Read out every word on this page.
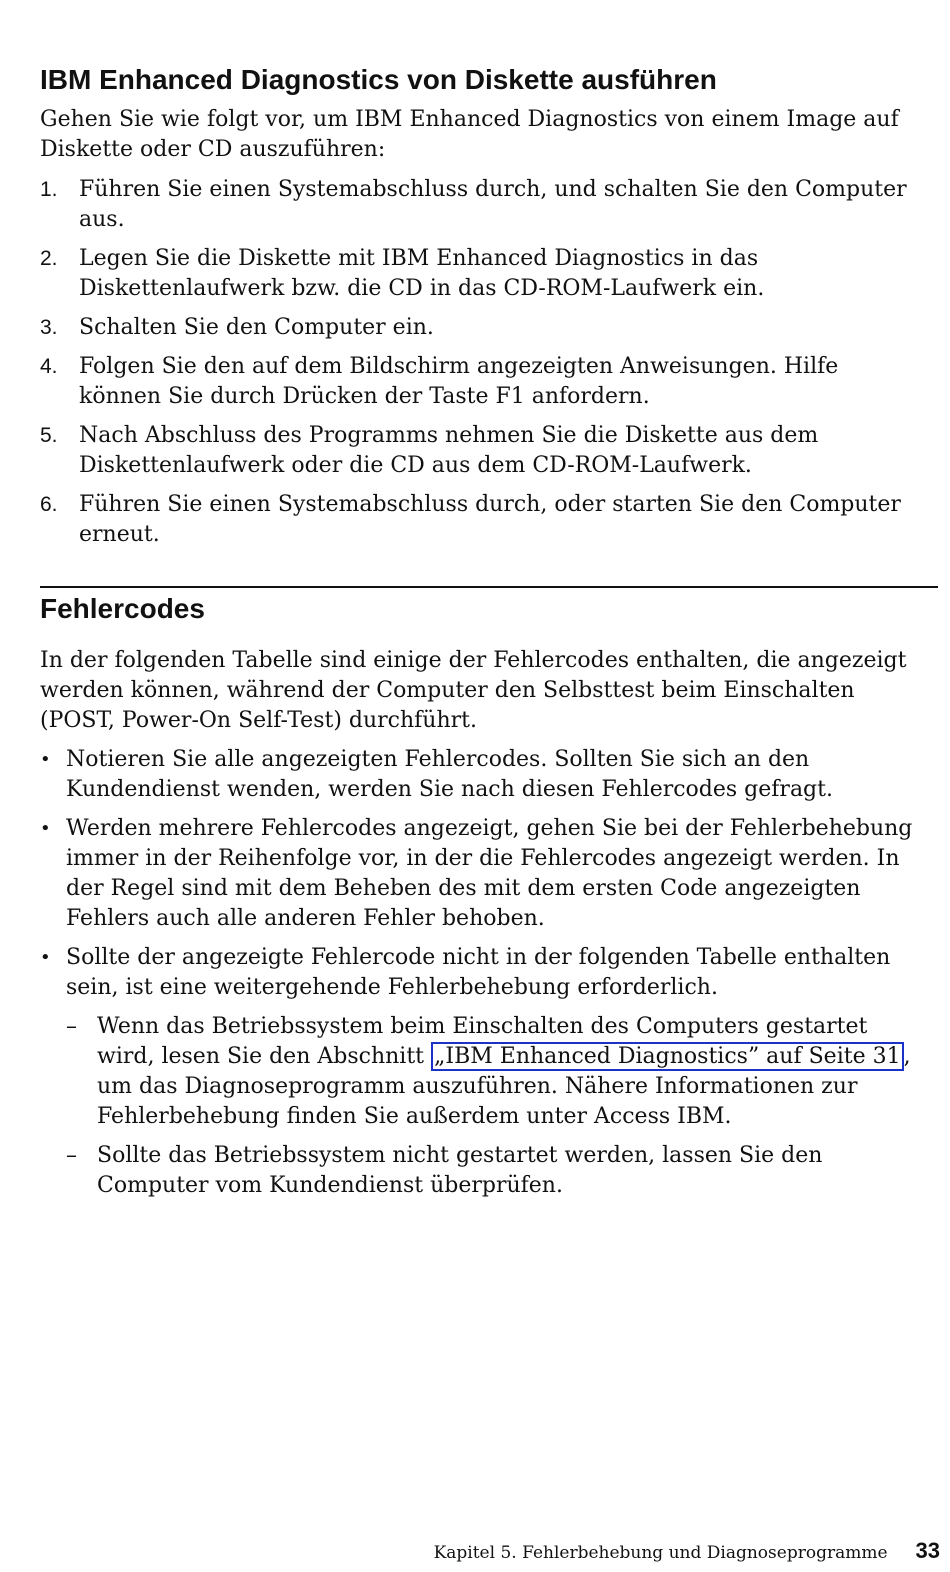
IBM Enhanced Diagnostics von Diskette ausführen

Gehen Sie wie folgt vor, um IBM Enhanced Diagnostics von einem Image auf Diskette oder CD auszuführen:

1. Führen Sie einen Systemabschluss durch, und schalten Sie den Computer aus.
2. Legen Sie die Diskette mit IBM Enhanced Diagnostics in das Diskettenlaufwerk bzw. die CD in das CD-ROM-Laufwerk ein.
3. Schalten Sie den Computer ein.
4. Folgen Sie den auf dem Bildschirm angezeigten Anweisungen. Hilfe können Sie durch Drücken der Taste F1 anfordern.
5. Nach Abschluss des Programms nehmen Sie die Diskette aus dem Diskettenlaufwerk oder die CD aus dem CD-ROM-Laufwerk.
6. Führen Sie einen Systemabschluss durch, oder starten Sie den Computer erneut.
Fehlercodes

In der folgenden Tabelle sind einige der Fehlercodes enthalten, die angezeigt werden können, während der Computer den Selbsttest beim Einschalten (POST, Power-On Self-Test) durchführt.

• Notieren Sie alle angezeigten Fehlercodes. Sollten Sie sich an den Kundendienst wenden, werden Sie nach diesen Fehlercodes gefragt.
• Werden mehrere Fehlercodes angezeigt, gehen Sie bei der Fehlerbehebung immer in der Reihenfolge vor, in der die Fehlercodes angezeigt werden. In der Regel sind mit dem Beheben des mit dem ersten Code angezeigten Fehlers auch alle anderen Fehler behoben.
• Sollte der angezeigte Fehlercode nicht in der folgenden Tabelle enthalten sein, ist eine weitergehende Fehlerbehebung erforderlich.
– Wenn das Betriebssystem beim Einschalten des Computers gestartet wird, lesen Sie den Abschnitt „IBM Enhanced Diagnostics” auf Seite 31 , um das Diagnoseprogramm auszuführen. Nähere Informationen zur Fehlerbehebung finden Sie außerdem unter Access IBM.
– Sollte das Betriebssystem nicht gestartet werden, lassen Sie den Computer vom Kundendienst überprüfen.
Kapitel 5. Fehlerbehebung und Diagnoseprogramme 33
